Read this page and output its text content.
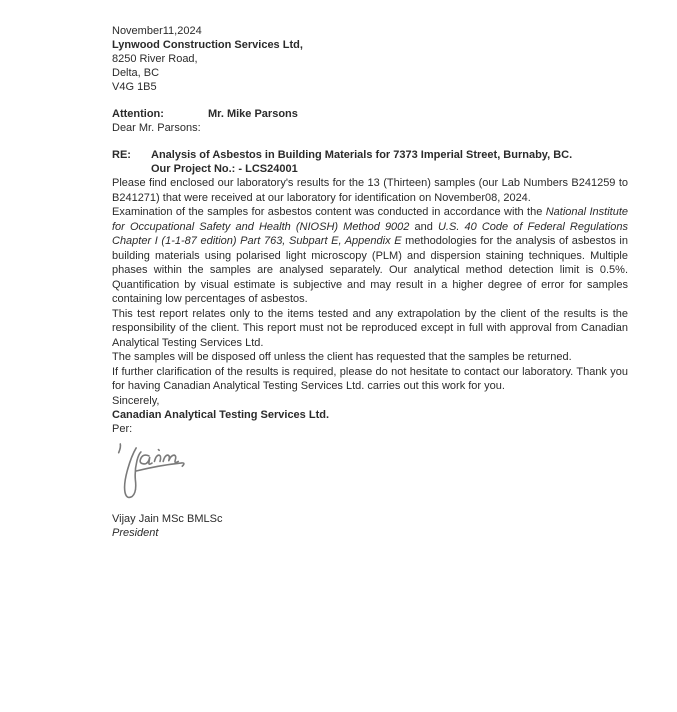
November11,2024

Lynwood Construction Services Ltd,

8250 River Road,

Delta, BC

V4G 1B5

Attention:	Mr. Mike Parsons

Dear Mr. Parsons:

RE:	Analysis of Asbestos in Building Materials for 7373 Imperial Street, Burnaby, BC.

Our Project No.: - LCS24001

Please find enclosed our laboratory's results for the 13 (Thirteen) samples (our Lab Numbers B241259 to B241271) that were received at our laboratory for identification on November08, 2024.

Examination of the samples for asbestos content was conducted in accordance with the National Institute for Occupational Safety and Health (NIOSH) Method 9002 and U.S. 40 Code of Federal Regulations Chapter I (1-1-87 edition) Part 763, Subpart E, Appendix E methodologies for the analysis of asbestos in building materials using polarised light microscopy (PLM) and dispersion staining techniques. Multiple phases within the samples are analysed separately. Our analytical method detection limit is 0.5%. Quantification by visual estimate is subjective and may result in a higher degree of error for samples containing low percentages of asbestos.

This test report relates only to the items tested and any extrapolation by the client of the results is the responsibility of the client. This report must not be reproduced except in full with approval from Canadian Analytical Testing Services Ltd.

The samples will be disposed off unless the client has requested that the samples be returned.

If further clarification of the results is required, please do not hesitate to contact our laboratory. Thank you for having Canadian Analytical Testing Services Ltd. carries out this work for you.

Sincerely,

Canadian Analytical Testing Services Ltd.

Per:

Vijay Jain MSc BMLSc

President
